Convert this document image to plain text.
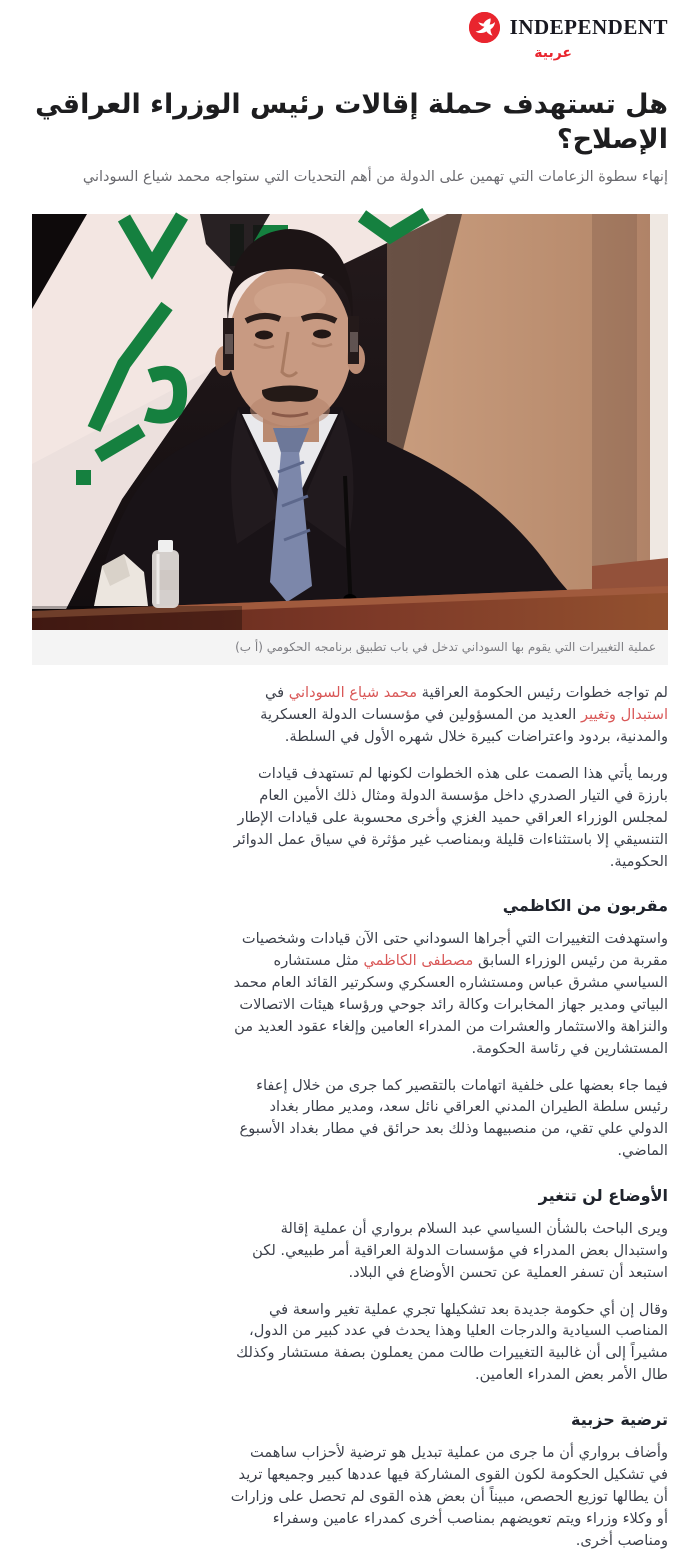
INDEPENDENT
عربية
هل تستهدف حملة إقالات رئيس الوزراء العراقي الإصلاح؟

إنهاء سطوة الزعامات التي تهمين على الدولة من أهم التحديات التي ستواجه محمد شياع السوداني

عملية التغييرات التي يقوم بها السوداني تدخل في باب تطبيق برنامجه الحكومي (أ ب)

لم تواجه خطوات رئيس الحكومة العراقية محمد شياع السوداني في استبدال وتغيير العديد من المسؤولين في مؤسسات الدولة العسكرية والمدنية، بردود واعتراضات كبيرة خلال شهره الأول في السلطة.

وربما يأتي هذا الصمت على هذه الخطوات لكونها لم تستهدف قيادات بارزة في التيار الصدري داخل مؤسسة الدولة ومثال ذلك الأمين العام لمجلس الوزراء العراقي حميد الغزي وأخرى محسوبة على قيادات الإطار التنسيقي إلا باستثناءات قليلة وبمناصب غير مؤثرة في سياق عمل الدوائر الحكومية.

مقربون من الكاظمي

واستهدفت التغييرات التي أجراها السوداني حتى الآن قيادات وشخصيات مقربة من رئيس الوزراء السابق مصطفى الكاظمي مثل مستشاره السياسي مشرق عباس ومستشاره العسكري وسكرتير القائد العام محمد البياتي ومدير جهاز المخابرات وكالة رائد جوحي ورؤساء هيئات الاتصالات والنزاهة والاستثمار والعشرات من المدراء العامين وإلغاء عقود العديد من المستشارين في رئاسة الحكومة.

فيما جاء بعضها على خلفية اتهامات بالتقصير كما جرى من خلال إعفاء رئيس سلطة الطيران المدني العراقي نائل سعد، ومدير مطار بغداد الدولي علي تقي، من منصبيهما وذلك بعد حرائق في مطار بغداد الأسبوع الماضي.

الأوضاع لن تتغير

ويرى الباحث بالشأن السياسي عبد السلام برواري أن عملية إقالة واستبدال بعض المدراء في مؤسسات الدولة العراقية أمر طبيعي. لكن استبعد أن تسفر العملية عن تحسن الأوضاع في البلاد.

وقال إن أي حكومة جديدة بعد تشكيلها تجري عملية تغير واسعة في المناصب السيادية والدرجات العليا وهذا يحدث في عدد كبير من الدول، مشيراً إلى أن غالبية التغييرات طالت ممن يعملون بصفة مستشار وكذلك طال الأمر بعض المدراء العامين.

ترضية حزبية

وأضاف برواري أن ما جرى من عملية تبديل هو ترضية لأحزاب ساهمت في تشكيل الحكومة لكون القوى المشاركة فيها عددها كبير وجميعها تريد أن يطالها توزيع الحصص، مبيناً أن بعض هذه القوى لم تحصل على وزارات أو وكلاء وزراء ويتم تعويضهم بمناصب أخرى كمدراء عامين وسفراء ومناصب أخرى.
